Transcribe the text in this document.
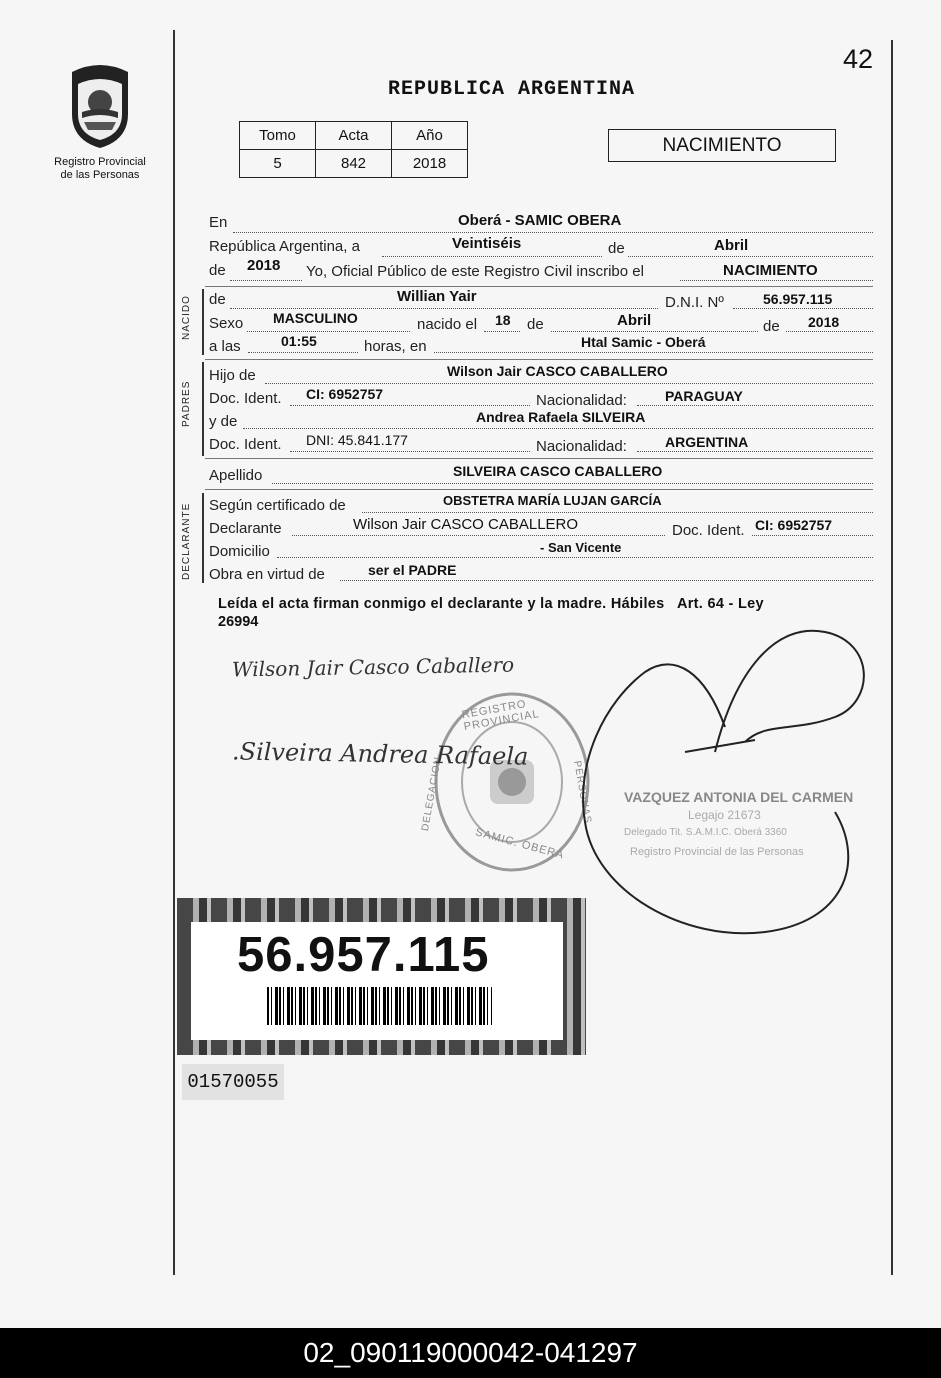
42
Registro Provincial
de las Personas
REPUBLICA ARGENTINA
Tomo	Acta	Año
5	842	2018
NACIMIENTO
En	Oberá - SAMIC OBERA
República Argentina, a	Veintiséis	de	Abril
de 2018 Yo, Oficial Público de este Registro Civil inscribo el	NACIMIENTO
NACIDO de	Willian Yair	D.N.I. Nº	56.957.115
Sexo MASCULINO	nacido el 18 de	Abril	de 2018
a las	01:55	horas, en	Htal Samic - Oberá
PADRES
Hijo de	Wilson Jair CASCO CABALLERO
Doc. Ident. CI: 6952757	Nacionalidad:	PARAGUAY
y de	Andrea Rafaela SILVEIRA
Doc. Ident. DNI: 45.841.177	Nacionalidad:	ARGENTINA
Apellido	SILVEIRA CASCO CABALLERO
DECLARANTE Según certificado de	OBSTETRA MARÍA LUJAN GARCÍA
Declarante	Wilson Jair CASCO CABALLERO	Doc. Ident. CI: 6952757
Domicilio	- San Vicente
Obra en virtud de	ser el PADRE
Leída el acta firman conmigo el declarante y la madre. Hábiles   Art. 64 - Ley
26994
REGISTRO PROVINCIAL
SAMIC. OBERA
DELEGACION	PERSONAS VAZQUEZ ANTONIA DEL CARMEN
Legajo 21673
Delegado Tit. S.A.M.I.C. Oberá 3360
Registro Provincial de las Personas
Wilson Jair Casco Caballero
.Silveira Andrea Rafaela
56.957.115
01570055
02_090119000042-041297
